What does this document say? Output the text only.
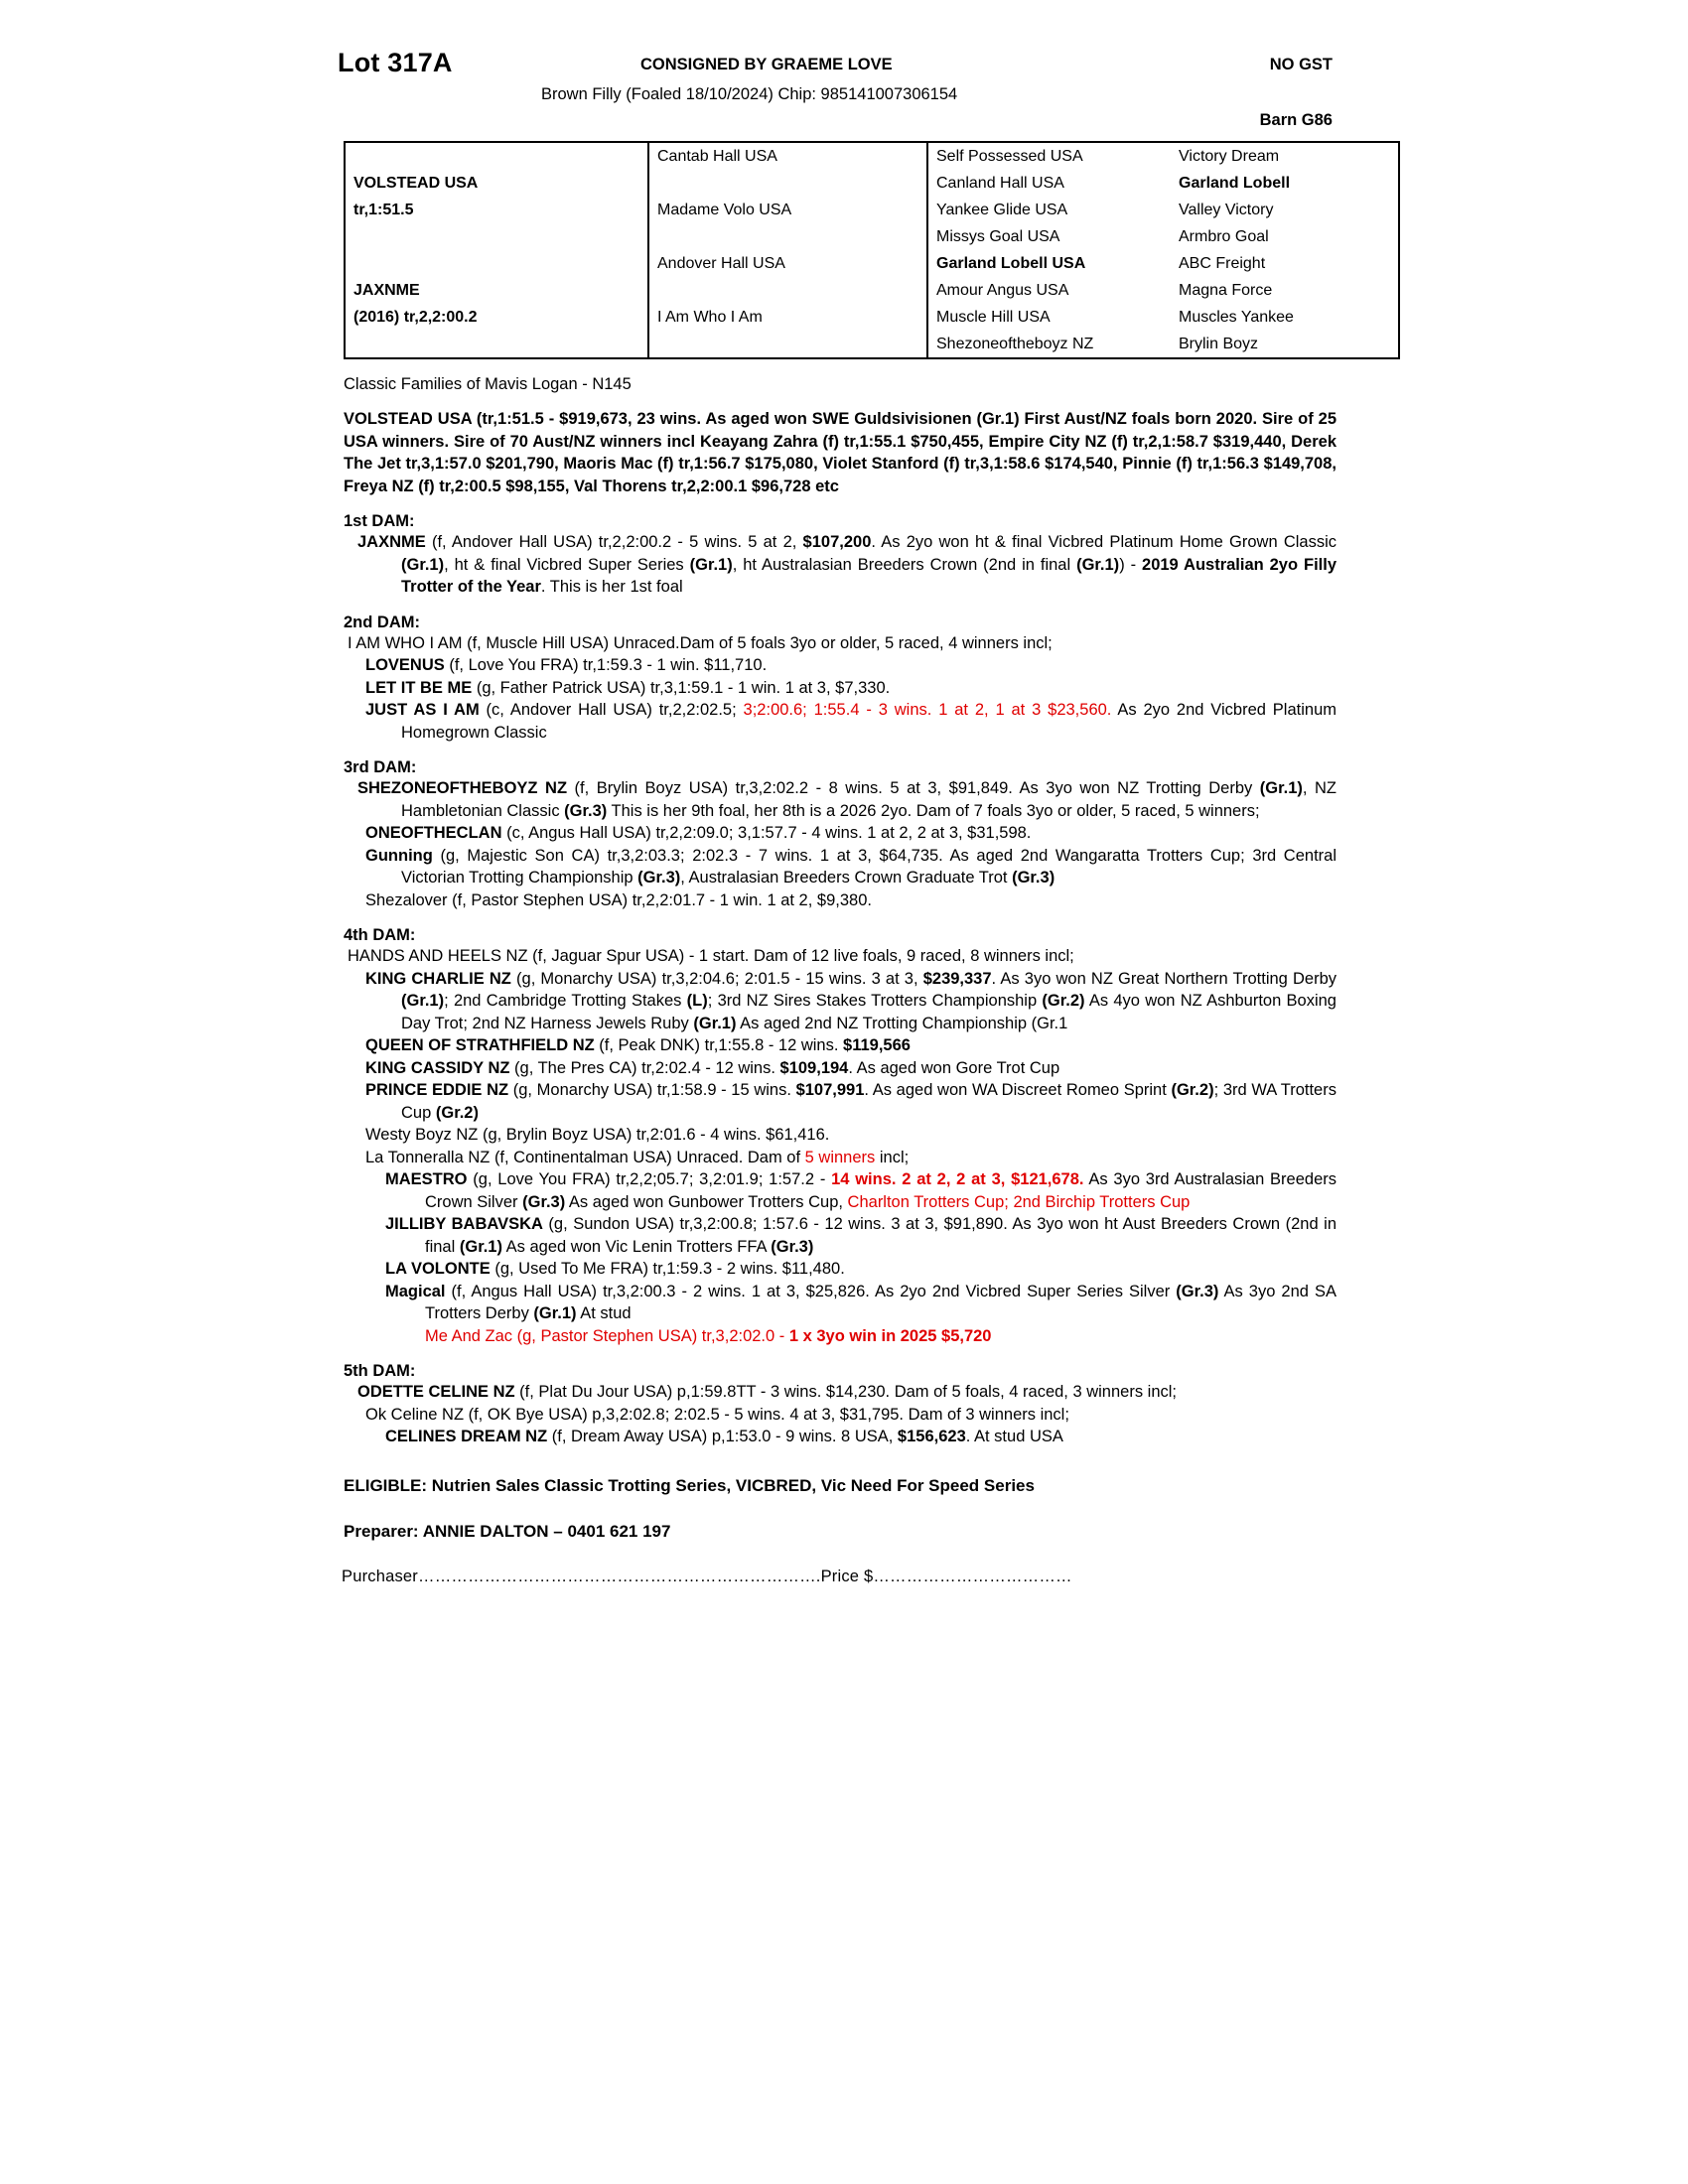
Lot 317A	CONSIGNED BY GRAEME LOVE	NO GST
Brown Filly (Foaled 18/10/2024) Chip: 985141007306154
Barn G86
	Cantab Hall USA	Self Possessed USA	Victory Dream
VOLSTEAD USA		Canland Hall USA	Garland Lobell
tr,1:51.5	Madame Volo USA	Yankee Glide USA	Valley Victory
		Missys Goal USA	Armbro Goal
	Andover Hall USA	Garland Lobell USA	ABC Freight
JAXNME		Amour Angus USA	Magna Force
(2016) tr,2,2:00.2	I Am Who I Am	Muscle Hill USA	Muscles Yankee
		Shezoneoftheboyz NZ	Brylin Boyz
Classic Families of Mavis Logan - N145
VOLSTEAD USA (tr,1:51.5 - $919,673, 23 wins. As aged won SWE Guldsivisionen (Gr.1) First Aust/NZ foals born 2020. Sire of 25 USA winners. Sire of 70 Aust/NZ winners incl Keayang Zahra (f) tr,1:55.1 $750,455, Empire City NZ (f) tr,2,1:58.7 $319,440, Derek The Jet tr,3,1:57.0 $201,790, Maoris Mac (f) tr,1:56.7 $175,080, Violet Stanford (f) tr,3,1:58.6 $174,540, Pinnie (f) tr,1:56.3 $149,708, Freya NZ (f) tr,2:00.5 $98,155, Val Thorens tr,2,2:00.1 $96,728 etc
1st DAM:

JAXNME (f, Andover Hall USA) tr,2,2:00.2 - 5 wins. 5 at 2, $107,200. As 2yo won ht & final Vicbred Platinum Home Grown Classic (Gr.1), ht & final Vicbred Super Series (Gr.1), ht Australasian Breeders Crown (2nd in final (Gr.1)) - 2019 Australian 2yo Filly Trotter of the Year. This is her 1st foal

2nd DAM:

I AM WHO I AM (f, Muscle Hill USA) Unraced.Dam of 5 foals 3yo or older, 5 raced, 4 winners incl;

LOVENUS (f, Love You FRA) tr,1:59.3 - 1 win. $11,710.

LET IT BE ME (g, Father Patrick USA) tr,3,1:59.1 - 1 win. 1 at 3, $7,330.

JUST AS I AM (c, Andover Hall USA) tr,2,2:02.5; 3;2:00.6; 1:55.4 - 3 wins. 1 at 2, 1 at 3 $23,560. As 2yo 2nd Vicbred Platinum Homegrown Classic

3rd DAM:

SHEZONEOFTHEBOYZ NZ (f, Brylin Boyz USA) tr,3,2:02.2 - 8 wins. 5 at 3, $91,849. As 3yo won NZ Trotting Derby (Gr.1), NZ Hambletonian Classic (Gr.3) This is her 9th foal, her 8th is a 2026 2yo. Dam of 7 foals 3yo or older, 5 raced, 5 winners;

ONEOFTHECLAN (c, Angus Hall USA) tr,2,2:09.0; 3,1:57.7 - 4 wins. 1 at 2, 2 at 3, $31,598.

Gunning (g, Majestic Son CA) tr,3,2:03.3; 2:02.3 - 7 wins. 1 at 3, $64,735. As aged 2nd Wangaratta Trotters Cup; 3rd Central Victorian Trotting Championship (Gr.3), Australasian Breeders Crown Graduate Trot (Gr.3)

Shezalover (f, Pastor Stephen USA) tr,2,2:01.7 - 1 win. 1 at 2, $9,380.

4th DAM:

HANDS AND HEELS NZ (f, Jaguar Spur USA) - 1 start. Dam of 12 live foals, 9 raced, 8 winners incl;

KING CHARLIE NZ (g, Monarchy USA) tr,3,2:04.6; 2:01.5 - 15 wins. 3 at 3, $239,337. As 3yo won NZ Great Northern Trotting Derby (Gr.1); 2nd Cambridge Trotting Stakes (L); 3rd NZ Sires Stakes Trotters Championship (Gr.2) As 4yo won NZ Ashburton Boxing Day Trot; 2nd NZ Harness Jewels Ruby (Gr.1) As aged 2nd NZ Trotting Championship (Gr.1

QUEEN OF STRATHFIELD NZ (f, Peak DNK) tr,1:55.8 - 12 wins. $119,566

KING CASSIDY NZ (g, The Pres CA) tr,2:02.4 - 12 wins. $109,194. As aged won Gore Trot Cup

PRINCE EDDIE NZ (g, Monarchy USA) tr,1:58.9 - 15 wins. $107,991. As aged won WA Discreet Romeo Sprint (Gr.2); 3rd WA Trotters Cup (Gr.2)

Westy Boyz NZ (g, Brylin Boyz USA) tr,2:01.6 - 4 wins. $61,416.

La Tonneralla NZ (f, Continentalman USA) Unraced. Dam of 5 winners incl;

MAESTRO (g, Love You FRA) tr,2,2;05.7; 3,2:01.9; 1:57.2 - 14 wins. 2 at 2, 2 at 3, $121,678. As 3yo 3rd Australasian Breeders Crown Silver (Gr.3) As aged won Gunbower Trotters Cup, Charlton Trotters Cup; 2nd Birchip Trotters Cup

JILLIBY BABAVSKA (g, Sundon USA) tr,3,2:00.8; 1:57.6 - 12 wins. 3 at 3, $91,890. As 3yo won ht Aust Breeders Crown (2nd in final (Gr.1) As aged won Vic Lenin Trotters FFA (Gr.3)

LA VOLONTE (g, Used To Me FRA) tr,1:59.3 - 2 wins. $11,480.

Magical (f, Angus Hall USA) tr,3,2:00.3 - 2 wins. 1 at 3, $25,826. As 2yo 2nd Vicbred Super Series Silver (Gr.3) As 3yo 2nd SA Trotters Derby (Gr.1) At stud

Me And Zac (g, Pastor Stephen USA) tr,3,2:02.0 - 1 x 3yo win in 2025 $5,720

5th DAM:

ODETTE CELINE NZ (f, Plat Du Jour USA) p,1:59.8TT - 3 wins. $14,230. Dam of 5 foals, 4 raced, 3 winners incl;

Ok Celine NZ (f, OK Bye USA) p,3,2:02.8; 2:02.5 - 5 wins. 4 at 3, $31,795. Dam of 3 winners incl;

CELINES DREAM NZ (f, Dream Away USA) p,1:53.0 - 9 wins. 8 USA, $156,623. At stud USA

ELIGIBLE: Nutrien Sales Classic Trotting Series, VICBRED, Vic Need For Speed Series
Preparer: ANNIE DALTON – 0401 621 197
Purchaser……………………………………………………………….Price $………………………………
